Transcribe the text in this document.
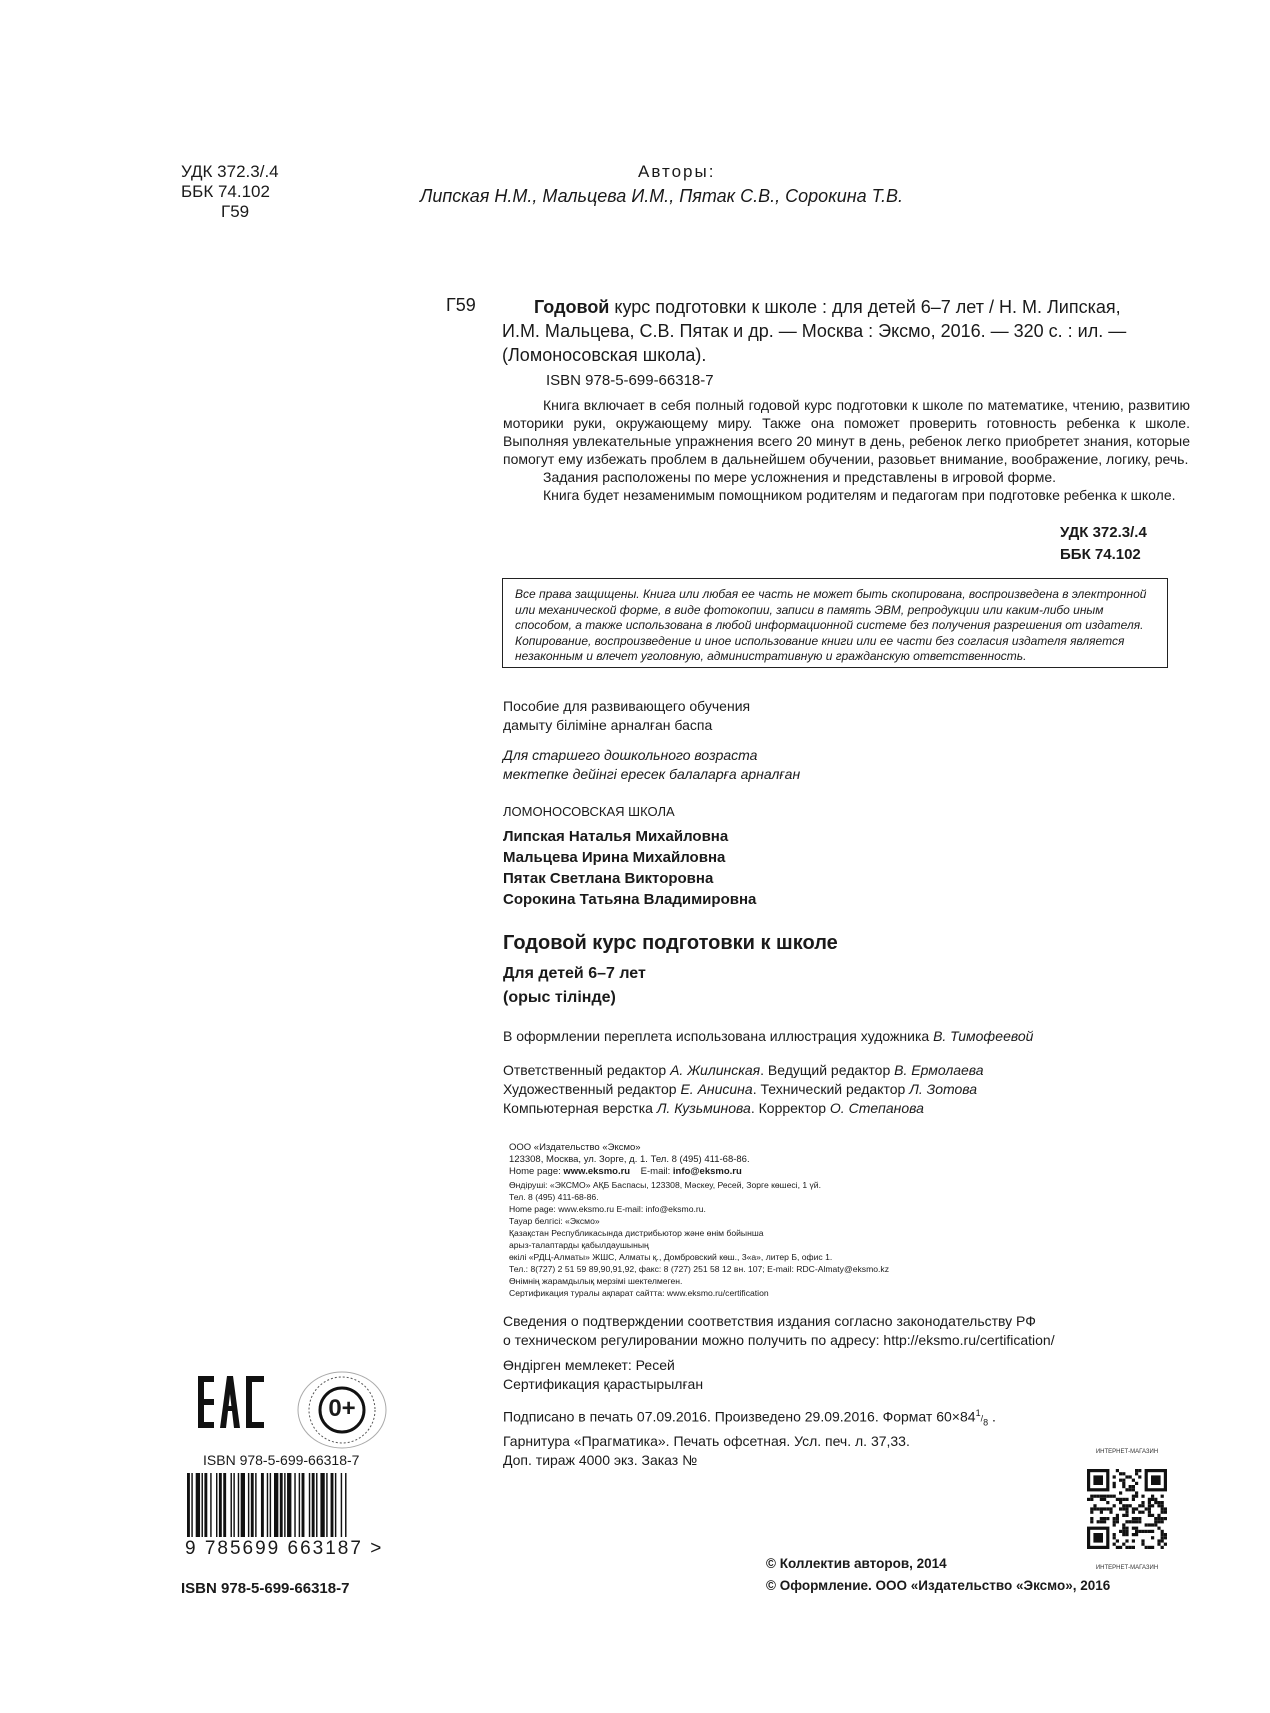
УДК 372.3/.4
ББК 74.102
Г59
Авторы:
Липская Н.М., Мальцева И.М., Пятак С.В., Сорокина Т.В.
Г59	Годовой курс подготовки к школе : для детей 6–7 лет / Н. М. Липская,
И.М. Мальцева, С.В. Пятак и др. — Москва : Эксмо, 2016. — 320 с. : ил. —
(Ломоносовская школа).
ISBN 978-5-699-66318-7

Книга включает в себя полный годовой курс подготовки к школе по математике, чтению, развитию моторики руки, окружающему миру. Также она поможет проверить готовность ребенка к школе. Выполняя увлекательные упражнения всего 20 минут в день, ребенок легко приобретет знания, которые помогут ему избежать проблем в дальнейшем обучении, разовьет внимание, воображение, логику, речь.

Задания расположены по мере усложнения и представлены в игровой форме.

Книга будет незаменимым помощником родителям и педагогам при подготовке ребенка к школе.

УДК 372.3/.4
ББК 74.102
Все права защищены. Книга или любая ее часть не может быть скопирована, воспроизведена в электронной или механической форме, в виде фотокопии, записи в память ЭВМ, репродукции или каким-либо иным способом, а также использована в любой информационной системе без получения разрешения от издателя. Копирование, воспроизведение и иное использование книги или ее части без согласия издателя является незаконным и влечет уголовную, административную и гражданскую ответственность.
Пособие для развивающего обучения
дамыту біліміне арналған баспа
Для старшего дошкольного возраста
мектепке дейінгі ересек балаларға арналған
ЛОМОНОСОВСКАЯ ШКОЛА
Липская Наталья Михайловна
Мальцева Ирина Михайловна
Пятак Светлана Викторовна
Сорокина Татьяна Владимировна
Годовой курс подготовки к школе
Для детей 6–7 лет
(орыс тілінде)
В оформлении переплета использована иллюстрация художника В. Тимофеевой
Ответственный редактор А. Жилинская. Ведущий редактор В. Ермолаева
Художественный редактор Е. Анисина. Технический редактор Л. Зотова
Компьютерная верстка Л. Кузьминова. Корректор О. Степанова
ООО «Издательство «Эксмо»
123308, Москва, ул. Зорге, д. 1. Тел. 8 (495) 411-68-86.
Home page: www.eksmo.ru E-mail: info@eksmo.ru
Өндіруші: «ЭКСМО» АҚБ Баспасы, 123308, Мәскеу, Ресей, Зорге көшесі, 1 үй.
Тел. 8 (495) 411-68-86.
Home page: www.eksmo.ru E-mail: info@eksmo.ru.
Тауар белгісі: «Эксмо»
Қазақстан Республикасында дистрибьютор және өнім бойынша
арыз-талаптарды қабылдаушының
өкілі «РДЦ-Алматы» ЖШС, Алматы қ., Домбровский көш., 3«а», литер Б, офис 1.
Тел.: 8(727) 2 51 59 89,90,91,92, факс: 8 (727) 251 58 12 вн. 107; E-mail: RDC-Almaty@eksmo.kz
Өнімнің жарамдылық мерзімі шектелмеген.
Сертификация туралы ақпарат сайтта: www.eksmo.ru/certification
Сведения о подтверждении соответствия издания согласно законодательству РФ
о техническом регулировании можно получить по адресу: http://eksmo.ru/certification/
Өндірген мемлекет: Ресей
Сертификация қарастырылған
Подписано в печать 07.09.2016. Произведено 29.09.2016. Формат $60\times 84^1/_8$ .
Гарнитура «Прагматика». Печать офсетная. Усл. печ. л. 37,33.
Доп. тираж 4000 экз. Заказ №
0+
ISBN 978-5-699-66318-7
9 785699 663187 >
ISBN 978-5-699-66318-7
ИНТЕРНЕТ-МАГАЗИН
ИНТЕРНЕТ-МАГАЗИН
© Коллектив авторов, 2014
© Оформление. ООО «Издательство «Эксмо», 2016
